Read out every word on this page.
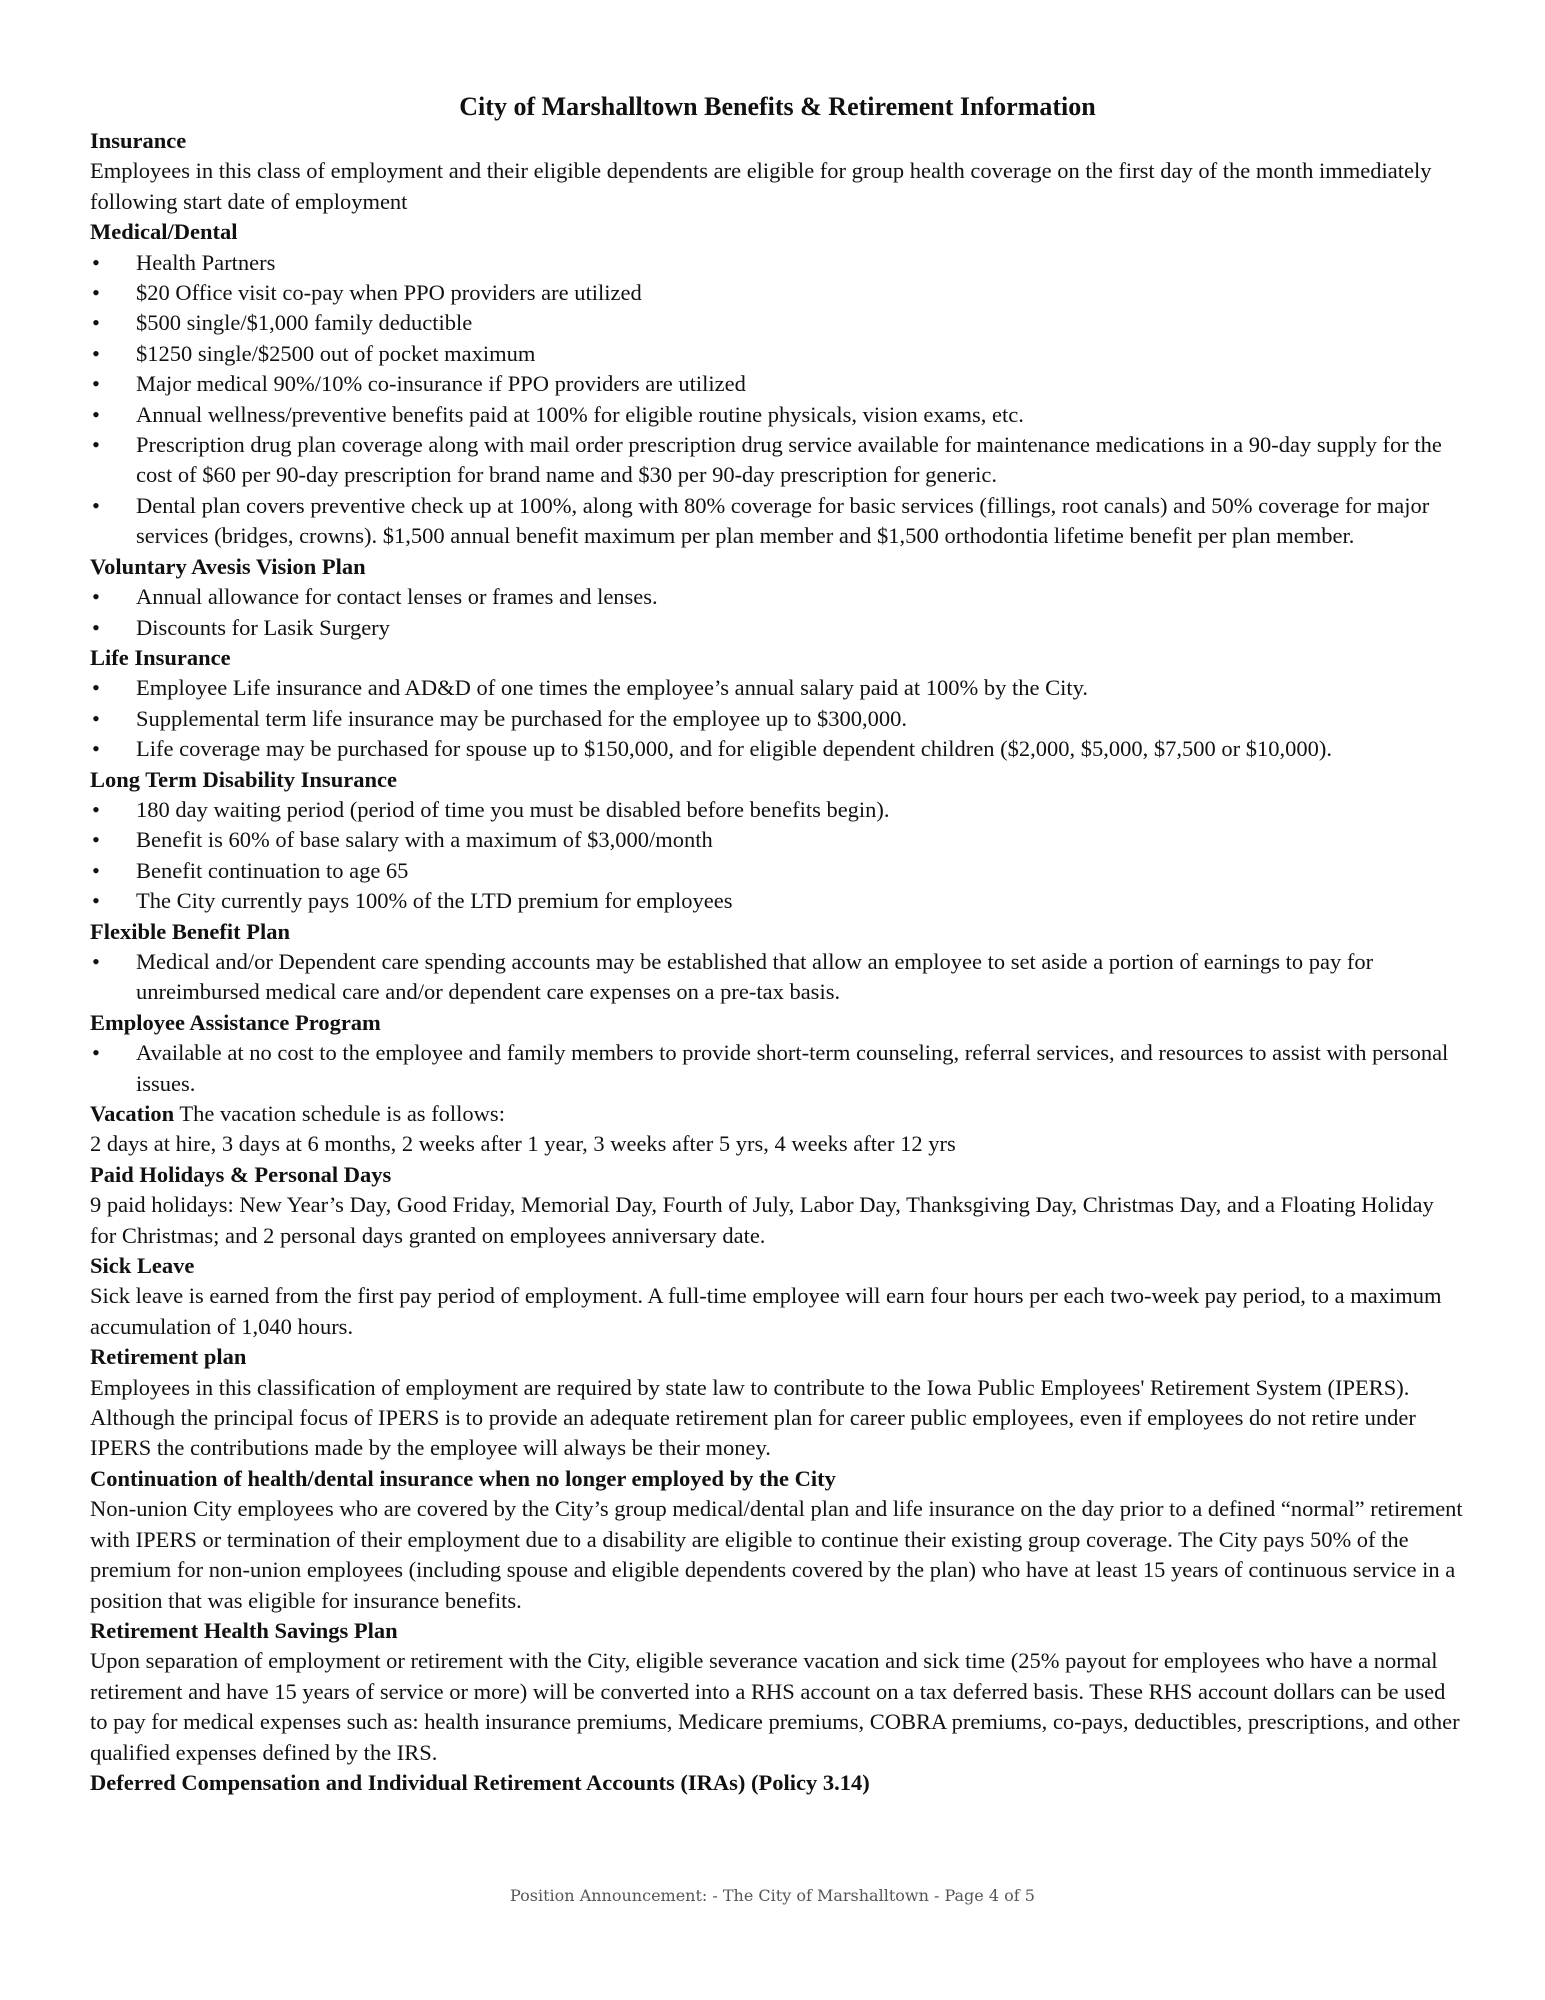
City of Marshalltown Benefits & Retirement Information

Insurance

Employees in this class of employment and their eligible dependents are eligible for group health coverage on the first day of the month immediately following start date of employment

Medical/Dental

• Health Partners
• $20 Office visit co-pay when PPO providers are utilized
• $500 single/$1,000 family deductible
• $1250 single/$2500 out of pocket maximum
• Major medical 90%/10% co-insurance if PPO providers are utilized
• Annual wellness/preventive benefits paid at 100% for eligible routine physicals, vision exams, etc.
• Prescription drug plan coverage along with mail order prescription drug service available for maintenance medications in a 90-day supply for the cost of $60 per 90-day prescription for brand name and $30 per 90-day prescription for generic.
• Dental plan covers preventive check up at 100%, along with 80% coverage for basic services (fillings, root canals) and 50% coverage for major services (bridges, crowns). $1,500 annual benefit maximum per plan member and $1,500 orthodontia lifetime benefit per plan member.

Voluntary Avesis Vision Plan

• Annual allowance for contact lenses or frames and lenses.
• Discounts for Lasik Surgery

Life Insurance

• Employee Life insurance and AD&D of one times the employee’s annual salary paid at 100% by the City.
• Supplemental term life insurance may be purchased for the employee up to $300,000.
• Life coverage may be purchased for spouse up to $150,000, and for eligible dependent children ($2,000, $5,000, $7,500 or $10,000).

Long Term Disability Insurance

• 180 day waiting period (period of time you must be disabled before benefits begin).
• Benefit is 60% of base salary with a maximum of $3,000/month
• Benefit continuation to age 65
• The City currently pays 100% of the LTD premium for employees

Flexible Benefit Plan

• Medical and/or Dependent care spending accounts may be established that allow an employee to set aside a portion of earnings to pay for unreimbursed medical care and/or dependent care expenses on a pre-tax basis.

Employee Assistance Program

• Available at no cost to the employee and family members to provide short-term counseling, referral services, and resources to assist with personal issues.

Vacation The vacation schedule is as follows:

2 days at hire, 3 days at 6 months, 2 weeks after 1 year, 3 weeks after 5 yrs, 4 weeks after 12 yrs

Paid Holidays & Personal Days

9 paid holidays: New Year’s Day, Good Friday, Memorial Day, Fourth of July, Labor Day, Thanksgiving Day, Christmas Day, and a Floating Holiday for Christmas; and 2 personal days granted on employees anniversary date.

Sick Leave

Sick leave is earned from the first pay period of employment. A full-time employee will earn four hours per each two-week pay period, to a maximum accumulation of 1,040 hours.

Retirement plan

Employees in this classification of employment are required by state law to contribute to the Iowa Public Employees' Retirement System (IPERS). Although the principal focus of IPERS is to provide an adequate retirement plan for career public employees, even if employees do not retire under IPERS the contributions made by the employee will always be their money.

Continuation of health/dental insurance when no longer employed by the City

Non-union City employees who are covered by the City’s group medical/dental plan and life insurance on the day prior to a defined “normal” retirement with IPERS or termination of their employment due to a disability are eligible to continue their existing group coverage. The City pays 50% of the premium for non-union employees (including spouse and eligible dependents covered by the plan) who have at least 15 years of continuous service in a position that was eligible for insurance benefits.

Retirement Health Savings Plan

Upon separation of employment or retirement with the City, eligible severance vacation and sick time (25% payout for employees who have a normal retirement and have 15 years of service or more) will be converted into a RHS account on a tax deferred basis. These RHS account dollars can be used to pay for medical expenses such as: health insurance premiums, Medicare premiums, COBRA premiums, co-pays, deductibles, prescriptions, and other qualified expenses defined by the IRS.

Deferred Compensation and Individual Retirement Accounts (IRAs) (Policy 3.14)

Position Announcement: - The City of Marshalltown - Page 4 of 5
